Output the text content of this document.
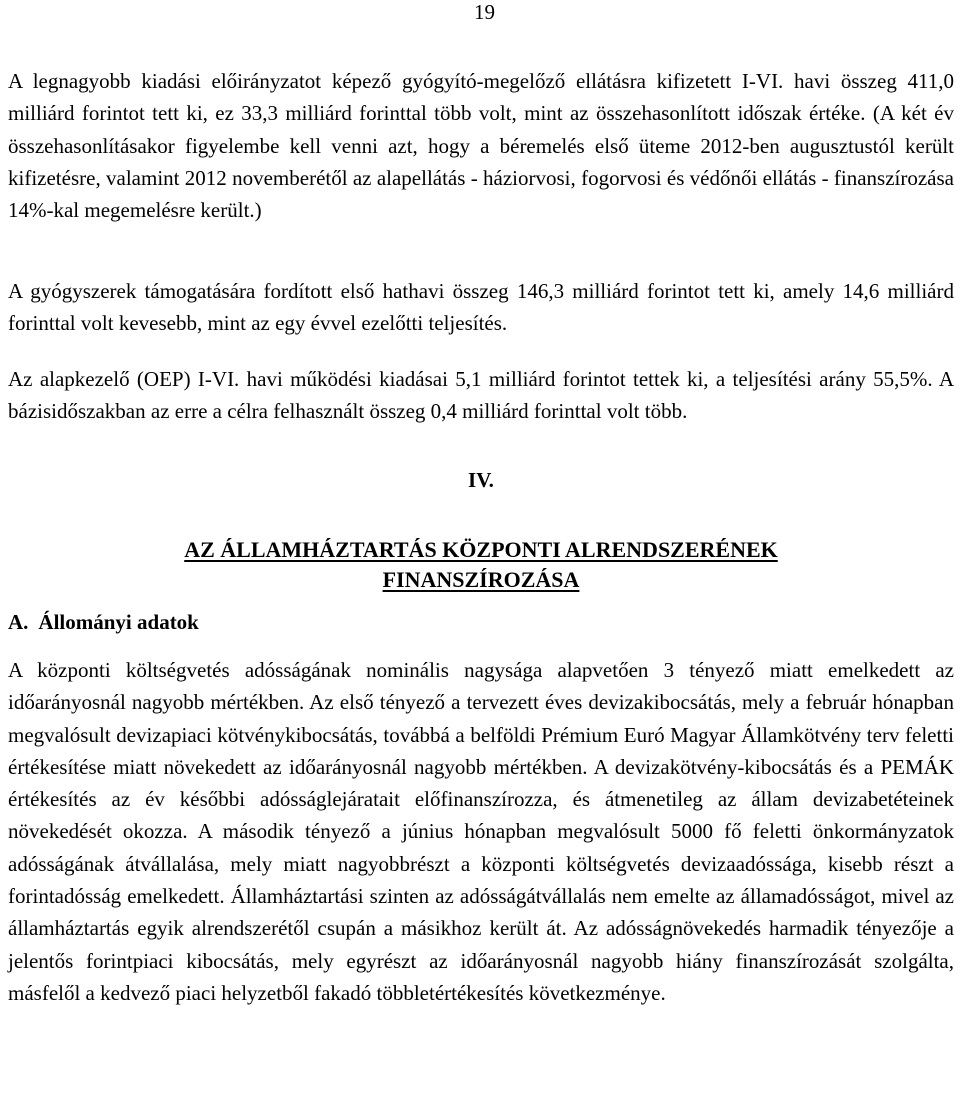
19

A legnagyobb kiadási előirányzatot képező gyógyító-megelőző ellátásra kifizetett I-VI. havi összeg 411,0 milliárd forintot tett ki, ez 33,3 milliárd forinttal több volt, mint az összehasonlított időszak értéke. (A két év összehasonlításakor figyelembe kell venni azt, hogy a béremelés első üteme 2012-ben augusztustól került kifizetésre, valamint 2012 novemberétől az alapellátás - háziorvosi, fogorvosi és védőnői ellátás - finanszírozása 14%-kal megemelésre került.)

A gyógyszerek támogatására fordított első hathavi összeg 146,3 milliárd forintot tett ki, amely 14,6 milliárd forinttal volt kevesebb, mint az egy évvel ezelőtti teljesítés.

Az alapkezelő (OEP) I-VI. havi működési kiadásai 5,1 milliárd forintot tettek ki, a teljesítési arány 55,5%. A bázisidőszakban az erre a célra felhasznált összeg 0,4 milliárd forinttal volt több.

IV.
AZ ÁLLAMHÁZTARTÁS KÖZPONTI ALRENDSZERÉNEK
FINANSZÍROZÁSA
A. Állományi adatok

A központi költségvetés adósságának nominális nagysága alapvetően 3 tényező miatt emelkedett az időarányosnál nagyobb mértékben. Az első tényező a tervezett éves devizakibocsátás, mely a február hónapban megvalósult devizapiaci kötvénykibocsátás, továbbá a belföldi Prémium Euró Magyar Államkötvény terv feletti értékesítése miatt növekedett az időarányosnál nagyobb mértékben. A devizakötvény-kibocsátás és a PEMÁK értékesítés az év későbbi adósságlejáratait előfinanszírozza, és átmenetileg az állam devizabetéteinek növekedését okozza. A második tényező a június hónapban megvalósult 5000 fő feletti önkormányzatok adósságának átvállalása, mely miatt nagyobbrészt a központi költségvetés devizaadóssága, kisebb részt a forintadósság emelkedett. Államháztartási szinten az adósságátvállalás nem emelte az államadósságot, mivel az államháztartás egyik alrendszerétől csupán a másikhoz került át. Az adósságnövekedés harmadik tényezője a jelentős forintpiaci kibocsátás, mely egyrészt az időarányosnál nagyobb hiány finanszírozását szolgálta, másfelől a kedvező piaci helyzetből fakadó többletértékesítés következménye.
